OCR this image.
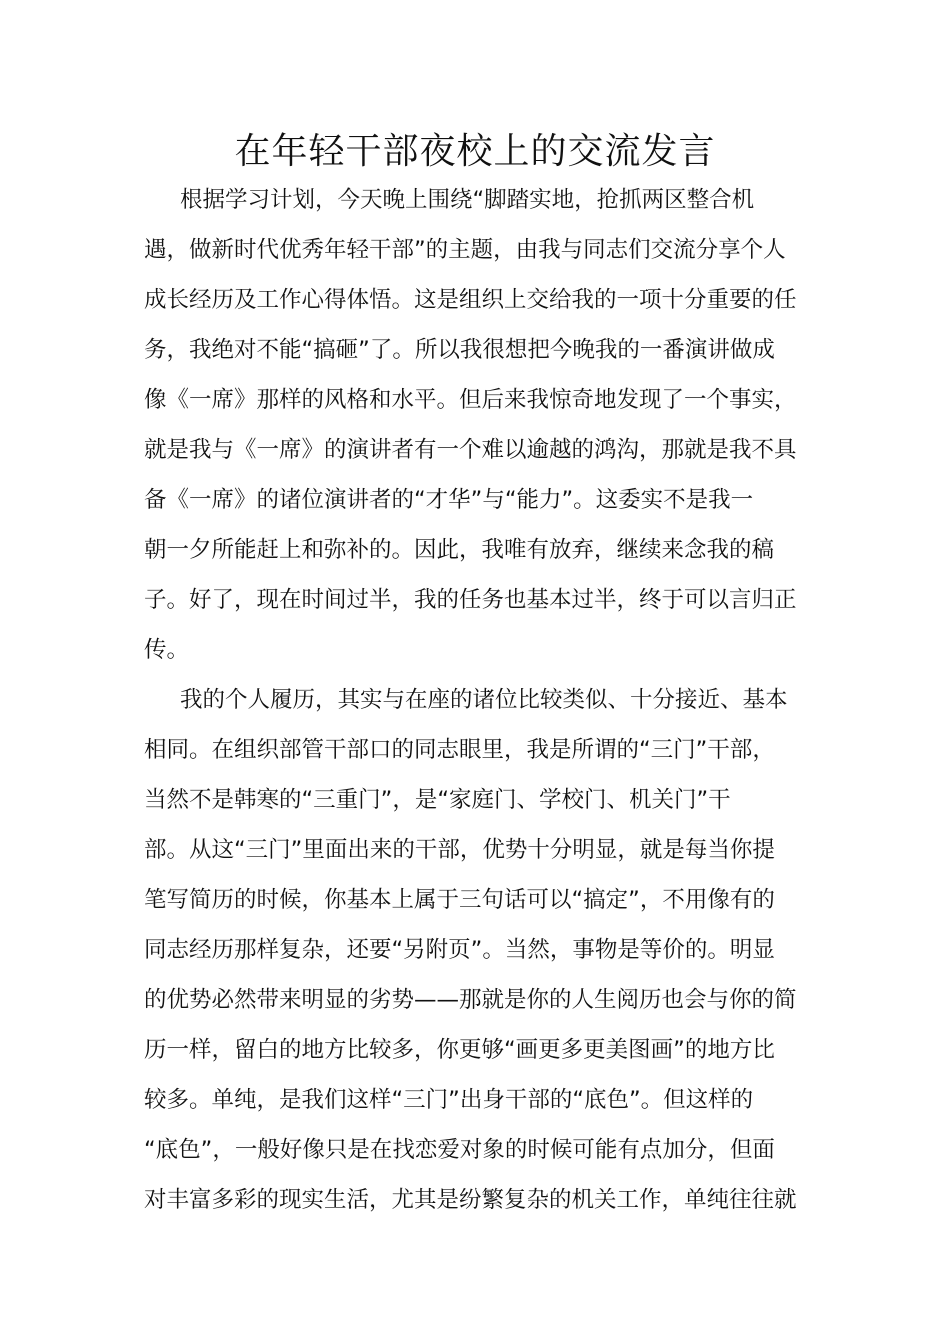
在年轻干部夜校上的交流发言
根据学习计划，今天晚上围绕“脚踏实地，抢抓两区整合机
遇，做新时代优秀年轻干部”的主题，由我与同志们交流分享个人
成长经历及工作心得体悟。这是组织上交给我的一项十分重要的任
务，我绝对不能“搞砸”了。所以我很想把今晚我的一番演讲做成
像《一席》那样的风格和水平。但后来我惊奇地发现了一个事实，
就是我与《一席》的演讲者有一个难以逾越的鸿沟，那就是我不具
备《一席》的诸位演讲者的“才华”与“能力”。这委实不是我一
朝一夕所能赶上和弥补的。因此，我唯有放弃，继续来念我的稿
子。好了，现在时间过半，我的任务也基本过半，终于可以言归正
传。
我的个人履历，其实与在座的诸位比较类似、十分接近、基本
相同。在组织部管干部口的同志眼里，我是所谓的“三门”干部，
当然不是韩寒的“三重门”，是“家庭门、学校门、机关门”干
部。从这“三门”里面出来的干部，优势十分明显，就是每当你提
笔写简历的时候，你基本上属于三句话可以“搞定”，不用像有的
同志经历那样复杂，还要“另附页”。当然，事物是等价的。明显
的优势必然带来明显的劣势——那就是你的人生阅历也会与你的简
历一样，留白的地方比较多，你更够“画更多更美图画”的地方比
较多。单纯，是我们这样“三门”出身干部的“底色”。但这样的
“底色”，一般好像只是在找恋爱对象的时候可能有点加分，但面
对丰富多彩的现实生活，尤其是纷繁复杂的机关工作，单纯往往就
